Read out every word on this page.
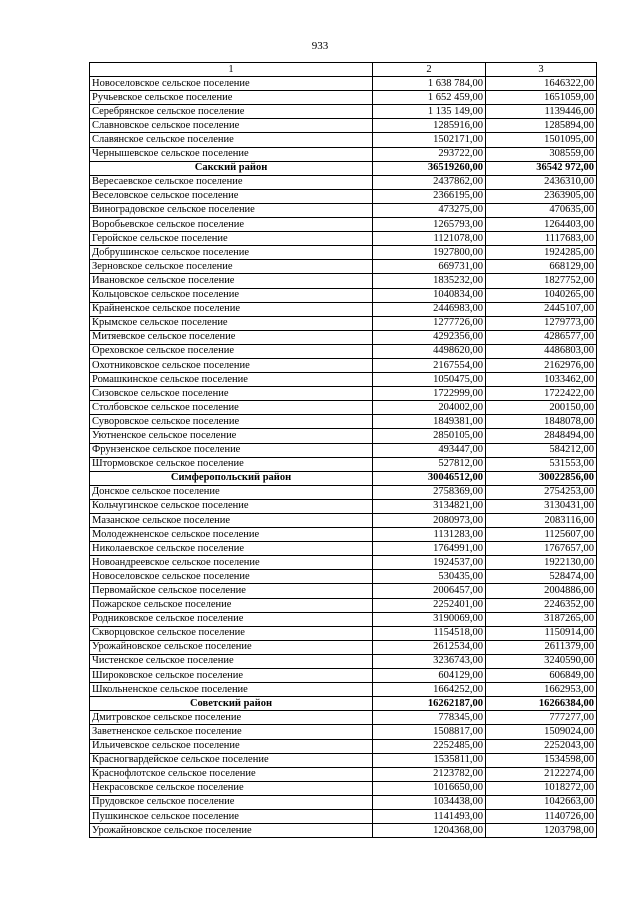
933
1	2	3
Новоселовское сельское поселение	1 638 784,00	1646322,00
Ручьевское сельское поселение	1 652 459,00	1651059,00
Серебрянское сельское поселение	1 135 149,00	1139446,00
Славновское сельское поселение	1285916,00	1285894,00
Славянское сельское поселение	1502171,00	1501095,00
Чернышевское сельское поселение	293722,00	308559,00
Сакский район	36519260,00	36542 972,00
Вересаевское сельское поселение	2437862,00	2436310,00
Веселовское сельское поселение	2366195,00	2363905,00
Виноградовское сельское поселение	473275,00	470635,00
Воробьевское сельское поселение	1265793,00	1264403,00
Геройское сельское поселение	1121078,00	1117683,00
Добрушинское сельское поселение	1927800,00	1924285,00
Зерновское сельское поселение	669731,00	668129,00
Ивановское сельское поселение	1835232,00	1827752,00
Кольцовское сельское поселение	1040834,00	1040265,00
Крайненское сельское поселение	2446983,00	2445107,00
Крымское сельское поселение	1277726,00	1279773,00
Митяевское сельское поселение	4292356,00	4286577,00
Ореховское сельское поселение	4498620,00	4486803,00
Охотниковское сельское поселение	2167554,00	2162976,00
Ромашкинское сельское поселение	1050475,00	1033462,00
Сизовское сельское поселение	1722999,00	1722422,00
Столбовское сельское поселение	204002,00	200150,00
Суворовское сельское поселение	1849381,00	1848078,00
Уютненское сельское поселение	2850105,00	2848494,00
Фрунзенское сельское поселение	493447,00	584212,00
Штормовское сельское поселение	527812,00	531553,00
Симферопольский район	30046512,00	30022856,00
Донское сельское поселение	2758369,00	2754253,00
Кольчугинское сельское поселение	3134821,00	3130431,00
Мазанское сельское поселение	2080973,00	2083116,00
Молодежненское сельское поселение	1131283,00	1125607,00
Николаевское сельское поселение	1764991,00	1767657,00
Новоандреевское сельское поселение	1924537,00	1922130,00
Новоселовское сельское поселение	530435,00	528474,00
Первомайское сельское поселение	2006457,00	2004886,00
Пожарское сельское поселение	2252401,00	2246352,00
Родниковское сельское поселение	3190069,00	3187265,00
Скворцовское сельское поселение	1154518,00	1150914,00
Урожайновское сельское поселение	2612534,00	2611379,00
Чистенское сельское поселение	3236743,00	3240590,00
Широковское сельское поселение	604129,00	606849,00
Школьненское сельское поселение	1664252,00	1662953,00
Советский район	16262187,00	16266384,00
Дмитровское сельское поселение	778345,00	777277,00
Заветненское сельское поселение	1508817,00	1509024,00
Ильичевское сельское поселение	2252485,00	2252043,00
Красногвардейское сельское поселение	1535811,00	1534598,00
Краснофлотское сельское поселение	2123782,00	2122274,00
Некрасовское сельское поселение	1016650,00	1018272,00
Прудовское сельское поселение	1034438,00	1042663,00
Пушкинское сельское поселение	1141493,00	1140726,00
Урожайновское сельское поселение	1204368,00	1203798,00
